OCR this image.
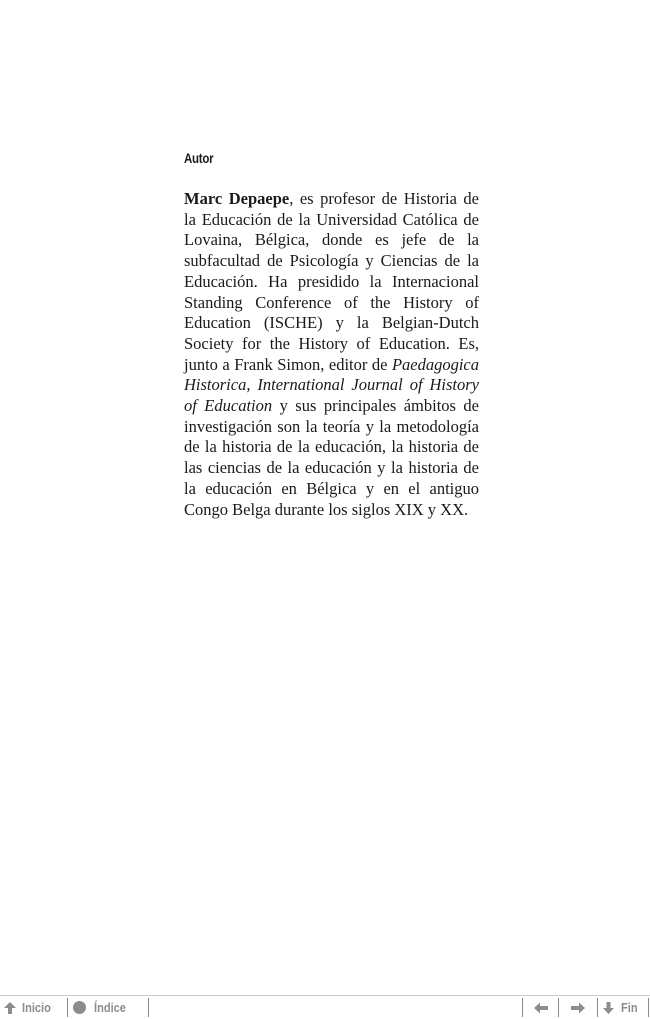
Autor

Marc Depaepe, es profesor de Historia de la Educación de la Universidad Católica de Lovaina, Bélgica, donde es jefe de la subfacultad de Psicología y Ciencias de la Educación. Ha presidido la Internacional Standing Conference of the History of Education (ISCHE) y la Belgian-Dutch Society for the History of Education. Es, junto a Frank Simon, editor de Paedagogica Historica, International Journal of History of Education y sus principales ámbitos de investigación son la teoría y la metodología de la historia de la educación, la historia de las ciencias de la educación y la historia de la educación en Bélgica y en el antiguo Congo Belga durante los siglos XIX y XX.

Inicio	Índice	Fin
